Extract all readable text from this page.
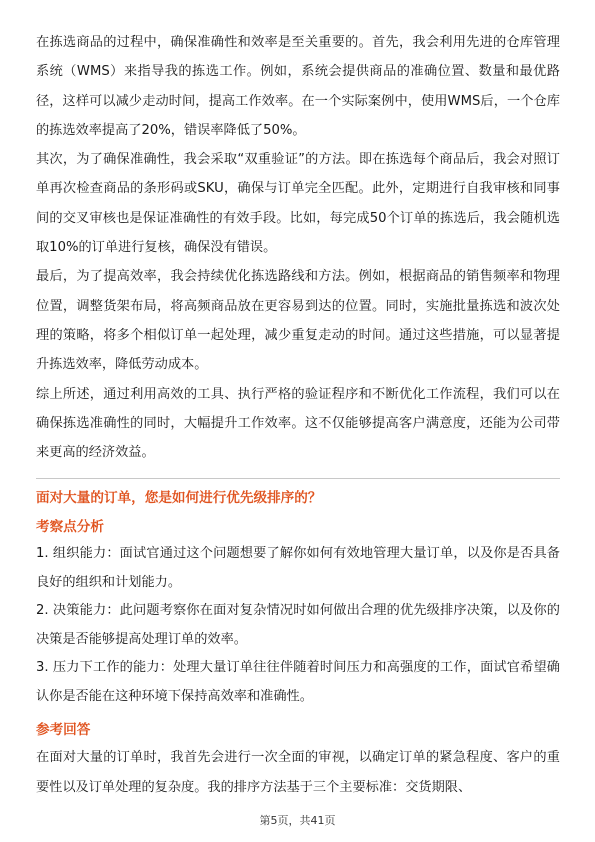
在拣选商品的过程中，确保准确性和效率是至关重要的。首先，我会利用先进的仓库管理系统（WMS）来指导我的拣选工作。例如，系统会提供商品的准确位置、数量和最优路径，这样可以减少走动时间，提高工作效率。在一个实际案例中，使用WMS后，一个仓库的拣选效率提高了20%，错误率降低了50%。

其次，为了确保准确性，我会采取“双重验证”的方法。即在拣选每个商品后，我会对照订单再次检查商品的条形码或SKU，确保与订单完全匹配。此外，定期进行自我审核和同事间的交叉审核也是保证准确性的有效手段。比如，每完成50个订单的拣选后，我会随机选取10%的订单进行复核，确保没有错误。

最后，为了提高效率，我会持续优化拣选路线和方法。例如，根据商品的销售频率和物理位置，调整货架布局，将高频商品放在更容易到达的位置。同时，实施批量拣选和波次处理的策略，将多个相似订单一起处理，减少重复走动的时间。通过这些措施，可以显著提升拣选效率，降低劳动成本。

综上所述，通过利用高效的工具、执行严格的验证程序和不断优化工作流程，我们可以在确保拣选准确性的同时，大幅提升工作效率。这不仅能够提高客户满意度，还能为公司带来更高的经济效益。

面对大量的订单，您是如何进行优先级排序的？
考察点分析

1. 组织能力：面试官通过这个问题想要了解你如何有效地管理大量订单，以及你是否具备良好的组织和计划能力。

2. 决策能力：此问题考察你在面对复杂情况时如何做出合理的优先级排序决策，以及你的决策是否能够提高处理订单的效率。

3. 压力下工作的能力：处理大量订单往往伴随着时间压力和高强度的工作，面试官希望确认你是否能在这种环境下保持高效率和准确性。

参考回答

在面对大量的订单时，我首先会进行一次全面的审视，以确定订单的紧急程度、客户的重要性以及订单处理的复杂度。我的排序方法基于三个主要标准：交货期限、

第5页，共41页
